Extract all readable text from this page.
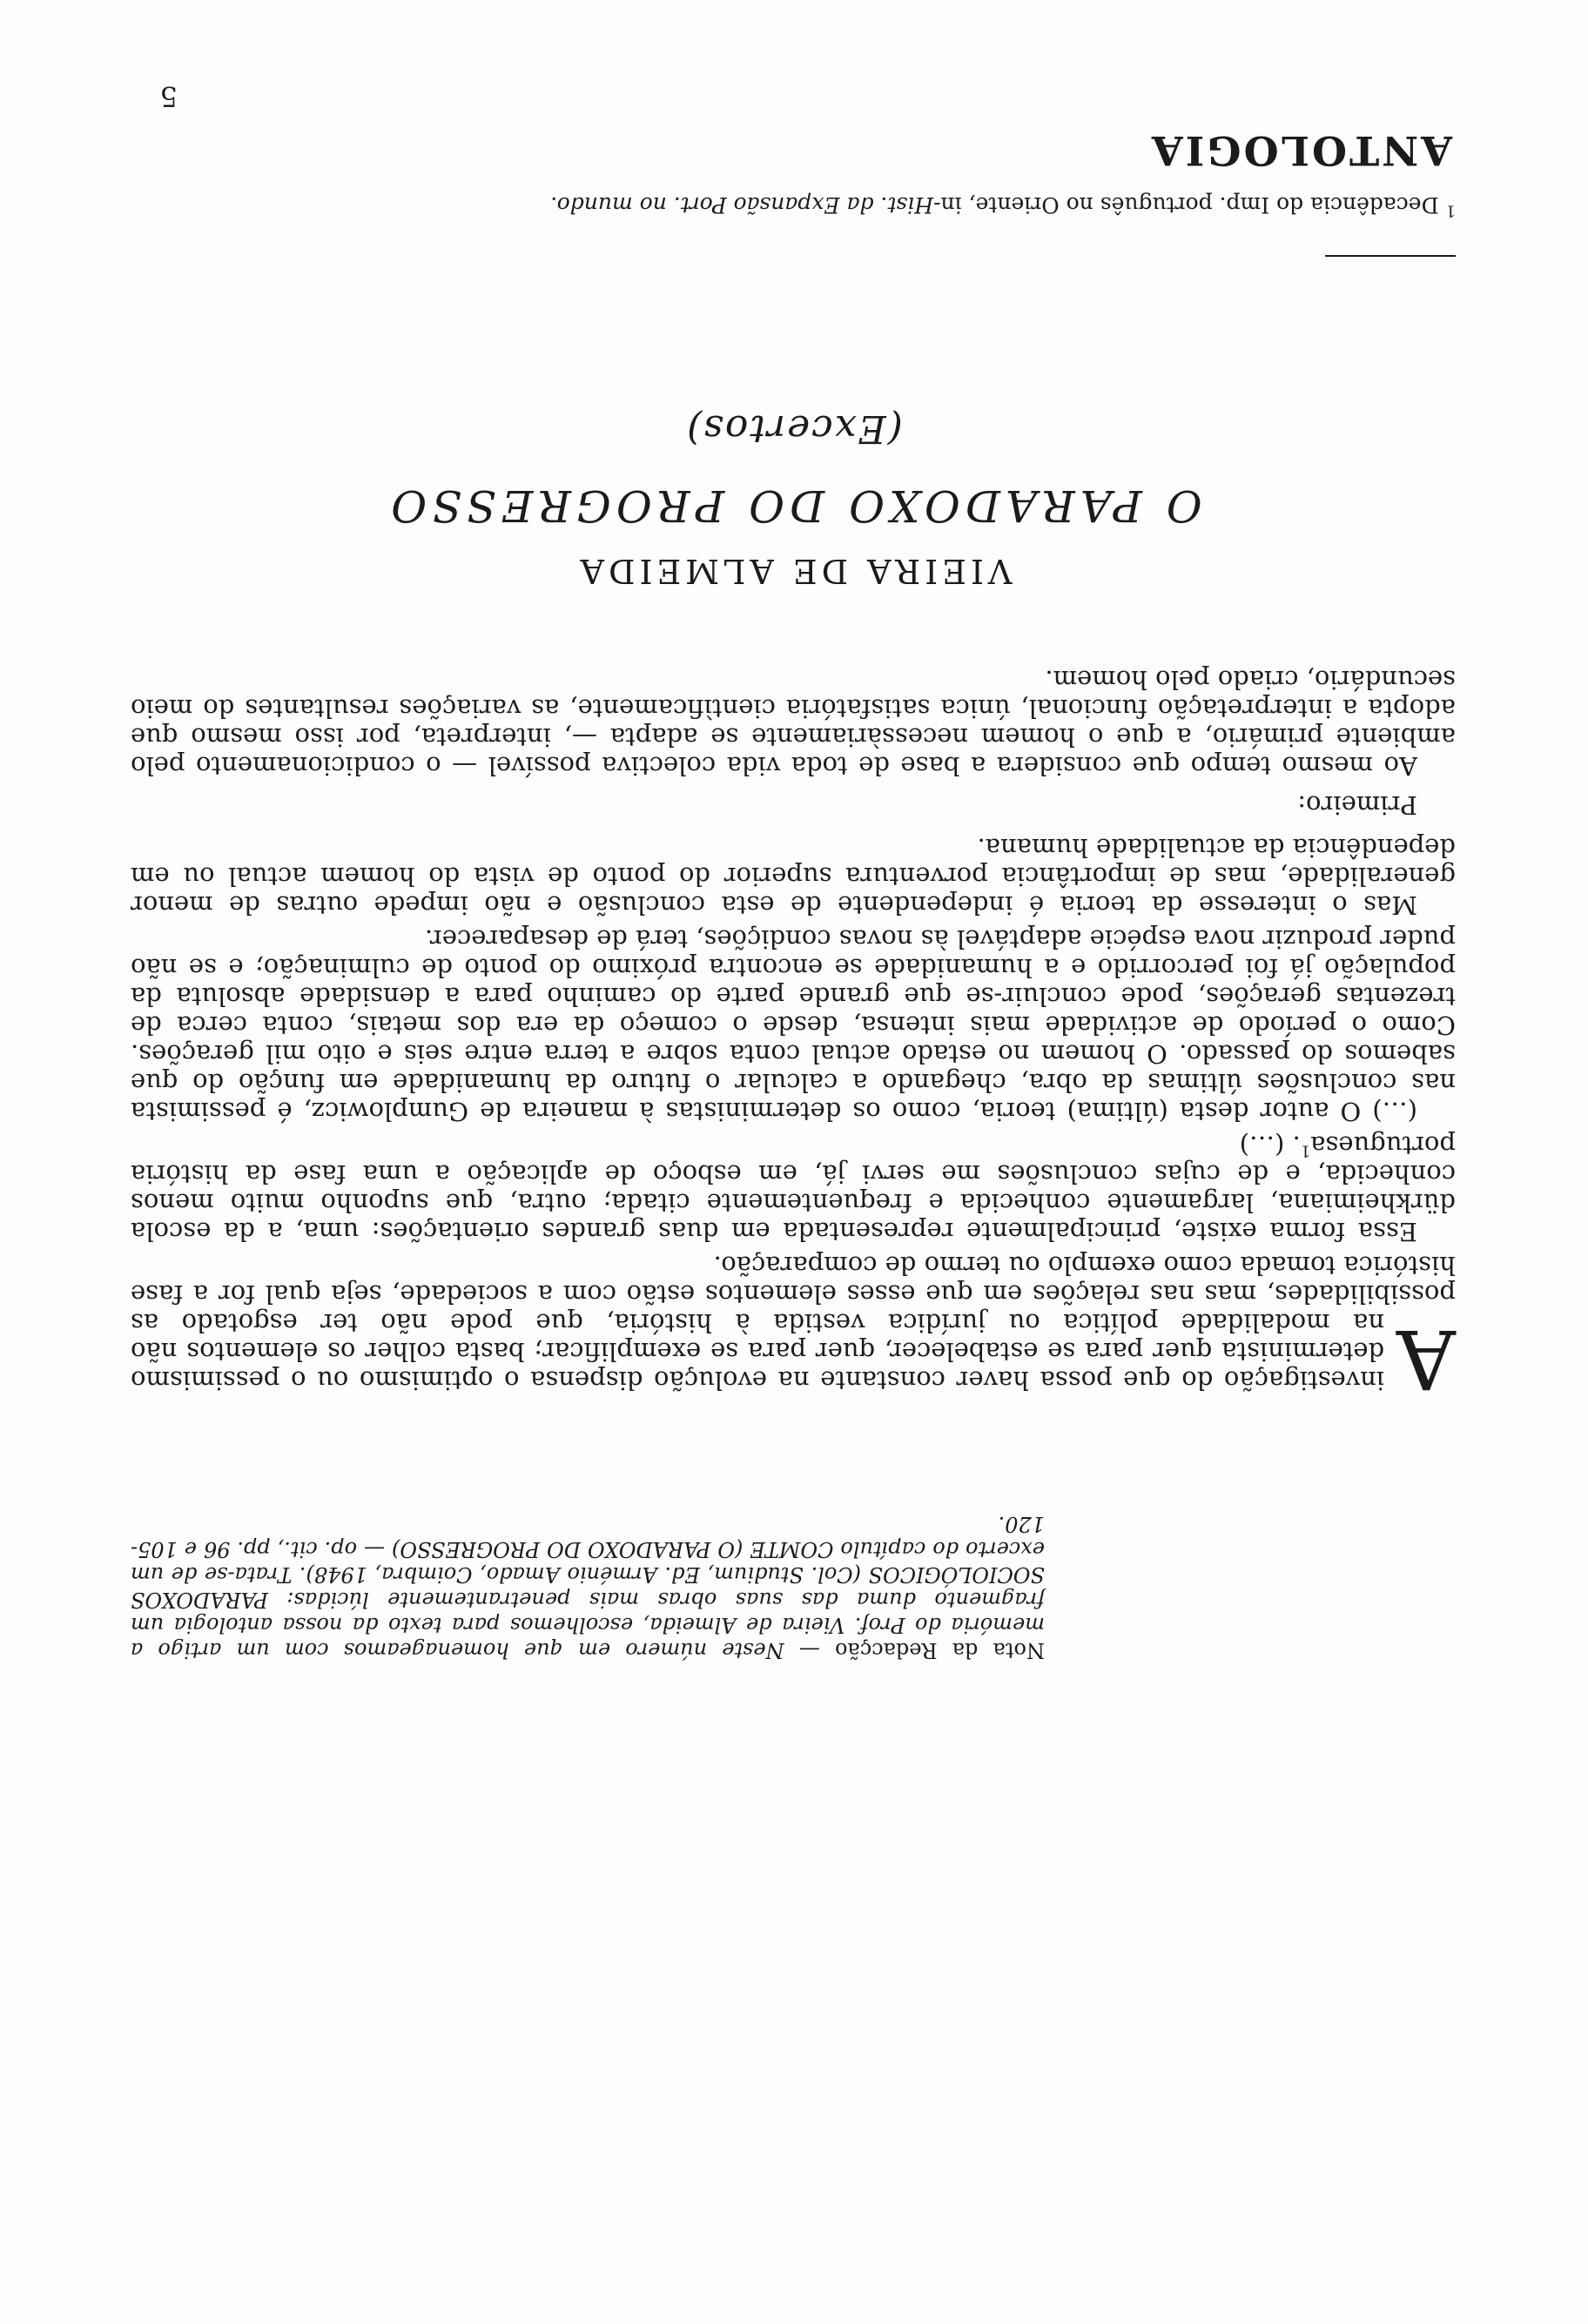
5

A
investigação do que possa haver constante na evolução dispensa o optimismo ou o pessimismo determinista quer para se estabelecer, quer para se exemplificar; basta colher os elementos não na modalidade política ou jurídica vestida à história, que pode não ter esgotado as possibilidades, mas nas relações em que esses elementos estão com a sociedade, seja qual for a fase histórica tomada como exemplo ou termo de comparação.

Essa forma existe, principalmente representada em duas grandes orientações: uma, a da escola dürkheimiana, largamente conhecida e frequentemente citada; outra, que suponho muito menos conhecida, e de cujas conclusões me servi já, em esboço de aplicação a uma fase da história portuguesa$^1$. (…)

(…) O autor desta (última) teoria, como os deterministas à maneira de Gumplowicz, é pessimista nas conclusões últimas da obra, chegando a calcular o futuro da humanidade em função do que sabemos do passado. O homem no estado actual conta sobre a terra entre seis e oito mil gerações. Como o período de actividade mais intensa, desde o começo da era dos metais, conta cerca de trezentas gerações, pode concluir-se que grande parte do caminho para a densidade absoluta da população já foi percorrido e a humanidade se encontra próximo do ponto de culminação; e se não puder produzir nova espécie adaptável às novas condições, terá de desaparecer.

Mas o interesse da teoria é independente de esta conclusão e não impede outras de menor generalidade, mas de importância porventura superior do ponto de vista do homem actual ou em dependência da actualidade humana.

Primeiro:

Ao mesmo tempo que considera a base de toda vida colectiva possível — o condicionamento pelo ambiente primário, a que o homem necessàriamente se adapta —, interpreta, por isso mesmo que adopta a interpretação funcional, única satisfatória cientìficamente, as variações resultantes do meio secundário, criado pelo homem.

Nota da Redacção — Neste número em que homenageamos com um artigo a memória do Prof. Vieira de Almeida, escolhemos para texto da nossa antologia um fragmento duma das suas obras mais penetrantemente lúcidas: PARADOXOS SOCIOLÓGICOS (Col. Studium, Ed. Arménio Amado, Coimbra, 1948). Trata-se de um excerto do capítulo COMTE (O PARADOXO DO PROGRESSO) — op. cit., pp. 96 e 105-120.

VIEIRA DE ALMEIDA
O PARADOXO DO PROGRESSO
(Excertos)
$^1$ Decadência do Imp. português no Oriente, in-Hist. da Expansão Port. no mundo.
ANTOLOGIA
